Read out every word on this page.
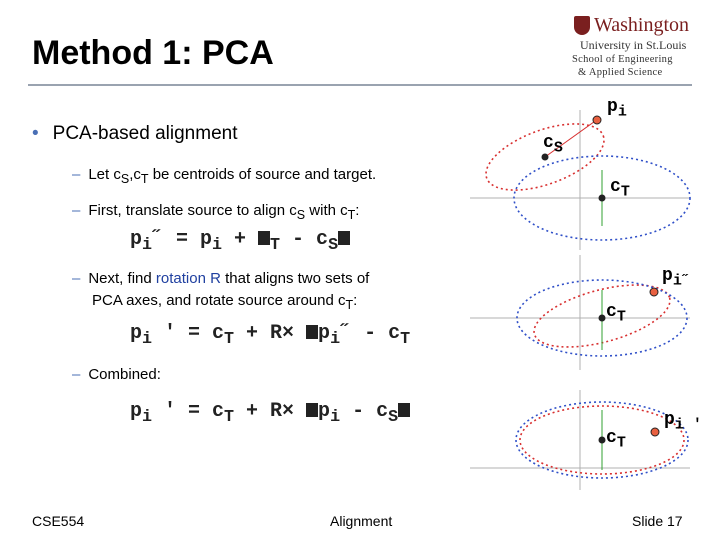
Method 1: PCA
Washington
University in St.Louis
School of Engineering
& Applied Science
• PCA-based alignment
– Let $c_S,c_T$ be centroids of source and target.
– First, translate source to align $c_S$ with $c_T$:
$p_i˝ = p_i + _T - c_S$
– Next, find rotation R that aligns two sets of
PCA axes, and rotate source around $c_T$:
$p_i$ ' = $c_T + R\times$ $p_i˝ - c_T$
– Combined:
$p_i$ ' = $c_T + R\times p_i - c_S$
$p_i$
$c_S$
$c_T$
$p_{i˝}$
$c_T$
$p_{i '}$
$c_T$
CSE554	Alignment	Slide 17
